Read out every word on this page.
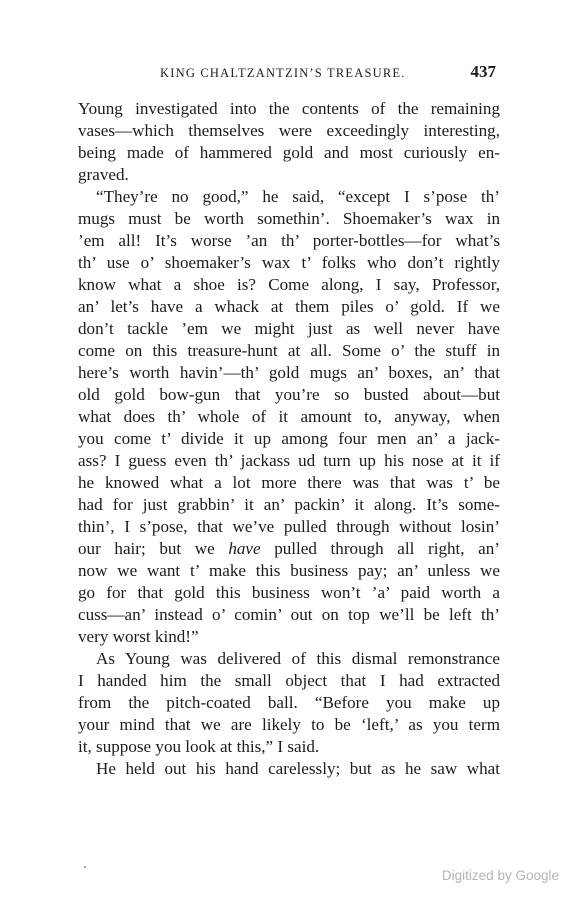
KING CHALTZANTZIN’S TREASURE.	437
Young investigated into the contents of the remaining
vases—which themselves were exceedingly interesting,
being made of hammered gold and most curiously en-
graved.
“They’re no good,” he said, “except I s’pose th’
mugs must be worth somethin’. Shoemaker’s wax in
’em all! It’s worse ’an th’ porter-bottles—for what’s
th’ use o’ shoemaker’s wax t’ folks who don’t rightly
know what a shoe is? Come along, I say, Professor,
an’ let’s have a whack at them piles o’ gold. If we
don’t tackle ’em we might just as well never have
come on this treasure-hunt at all. Some o’ the stuff in
here’s worth havin’—th’ gold mugs an’ boxes, an’ that
old gold bow-gun that you’re so busted about—but
what does th’ whole of it amount to, anyway, when
you come t’ divide it up among four men an’ a jack-
ass? I guess even th’ jackass ud turn up his nose at it if
he knowed what a lot more there was that was t’ be
had for just grabbin’ it an’ packin’ it along. It’s some-
thin’, I s’pose, that we’ve pulled through without losin’
our hair; but we have pulled through all right, an’
now we want t’ make this business pay; an’ unless we
go for that gold this business won’t ’a’ paid worth a
cuss—an’ instead o’ comin’ out on top we’ll be left th’
very worst kind!”
As Young was delivered of this dismal remonstrance
I handed him the small object that I had extracted
from the pitch-coated ball. “Before you make up
your mind that we are likely to be ‘left,’ as you term
it, suppose you look at this,” I said.
He held out his hand carelessly; but as he saw what
Digitized by Google
